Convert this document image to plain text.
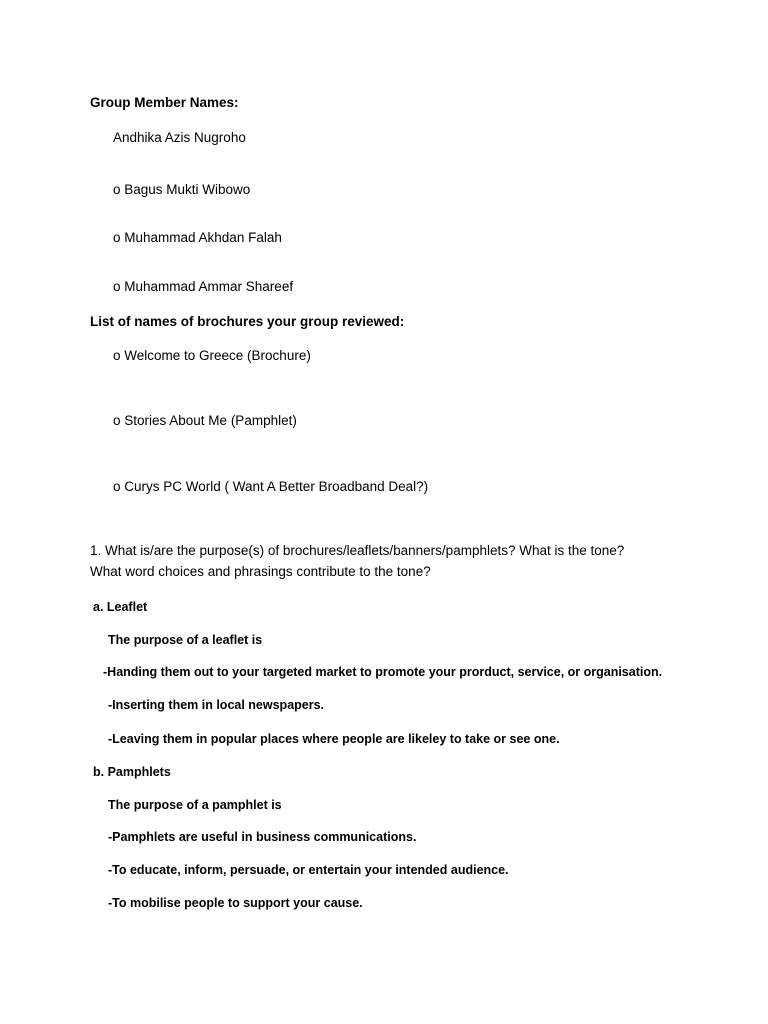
Group Member Names:
Andhika Azis Nugroho
o Bagus Mukti Wibowo
o Muhammad Akhdan Falah
o Muhammad Ammar Shareef
List of names of brochures your group reviewed:
o Welcome to Greece (Brochure)
o Stories About Me (Pamphlet)
o Curys PC World ( Want A Better Broadband Deal?)
1. What is/are the purpose(s) of brochures/leaflets/banners/pamphlets? What is the tone?
What word choices and phrasings contribute to the tone?
a. Leaflet
The purpose of a leaflet is
-Handing them out to your targeted market to promote your prorduct, service, or organisation.
-Inserting them in local newspapers.
-Leaving them in popular places where people are likeley to take or see one.
b. Pamphlets
The purpose of a pamphlet is
-Pamphlets are useful in business communications.
-To educate, inform, persuade, or entertain your intended audience.
-To mobilise people to support your cause.
